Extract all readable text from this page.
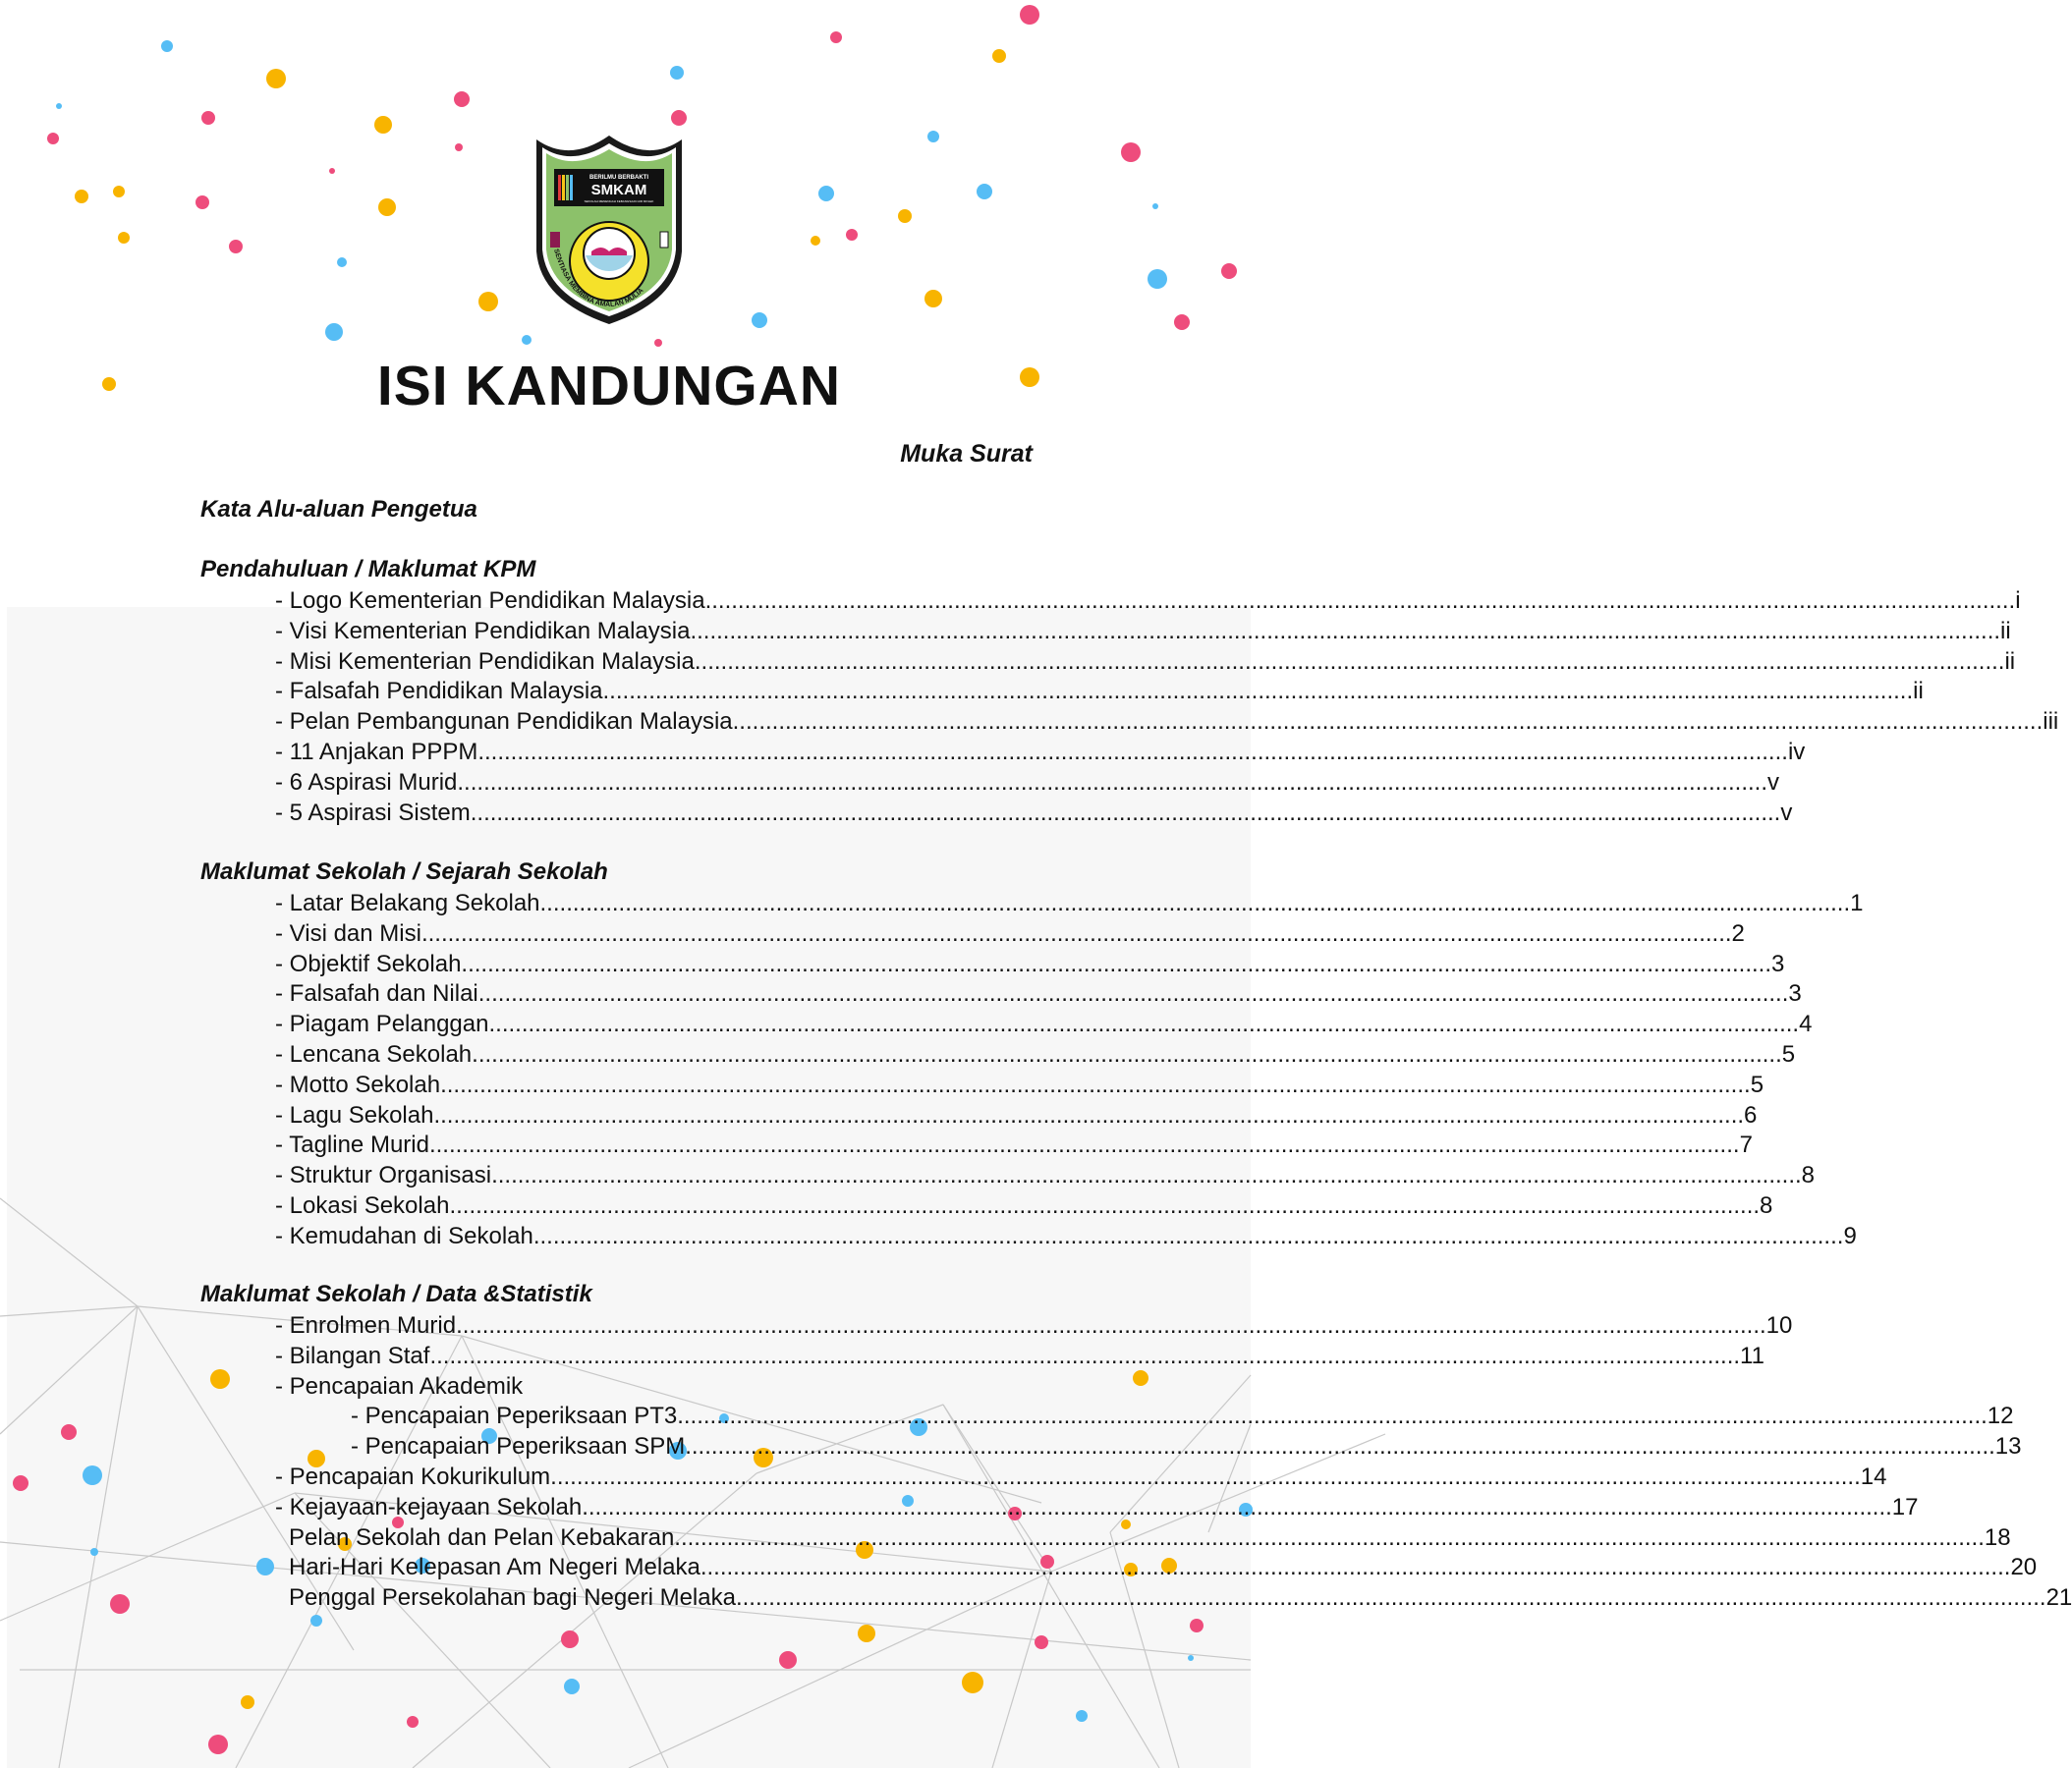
BERILMU BERBAKTI
SMKAM
SEKOLAH MENENGAH KEBANGSAAN AIR MOLEK
SENTIASA MEMBINA AMALAN MULIA
ISI KANDUNGAN
Muka Surat
Kata Alu-aluan Pengetua
Pendahuluan / Maklumat KPM
- Logo Kementerian Pendidikan Malaysia ........................................................................................................................................................................................................ i
- Visi Kementerian Pendidikan Malaysia ........................................................................................................................................................................................................ ii
- Misi Kementerian Pendidikan Malaysia ........................................................................................................................................................................................................ ii
- Falsafah Pendidikan Malaysia ........................................................................................................................................................................................................ ii
- Pelan Pembangunan Pendidikan Malaysia ........................................................................................................................................................................................................ iii
- 11 Anjakan PPPM ........................................................................................................................................................................................................ iv
- 6 Aspirasi Murid ........................................................................................................................................................................................................ v
- 5 Aspirasi Sistem ........................................................................................................................................................................................................ v
Maklumat Sekolah / Sejarah Sekolah
- Latar Belakang Sekolah ........................................................................................................................................................................................................ 1
- Visi dan Misi ........................................................................................................................................................................................................ 2
- Objektif Sekolah ........................................................................................................................................................................................................ 3
- Falsafah dan Nilai ........................................................................................................................................................................................................ 3
- Piagam Pelanggan ........................................................................................................................................................................................................ 4
- Lencana Sekolah ........................................................................................................................................................................................................ 5
- Motto Sekolah ........................................................................................................................................................................................................ 5
- Lagu Sekolah ........................................................................................................................................................................................................ 6
- Tagline Murid ........................................................................................................................................................................................................ 7
- Struktur Organisasi ........................................................................................................................................................................................................ 8
- Lokasi Sekolah ........................................................................................................................................................................................................ 8
- Kemudahan di Sekolah ........................................................................................................................................................................................................ 9
Maklumat Sekolah / Data &Statistik
- Enrolmen Murid ........................................................................................................................................................................................................ 10
- Bilangan Staf ........................................................................................................................................................................................................ 11
- Pencapaian Akademik
- Pencapaian Peperiksaan PT3 ........................................................................................................................................................................................................ 12
- Pencapaian Peperiksaan SPM ........................................................................................................................................................................................................ 13
- Pencapaian Kokurikulum ........................................................................................................................................................................................................ 14
- Kejayaan-kejayaan Sekolah ........................................................................................................................................................................................................ 17
Pelan Sekolah dan Pelan Kebakaran ........................................................................................................................................................................................................ 18
Hari-Hari Kelepasan Am Negeri Melaka ........................................................................................................................................................................................................ 20
Penggal Persekolahan bagi Negeri Melaka ........................................................................................................................................................................................................ 21
